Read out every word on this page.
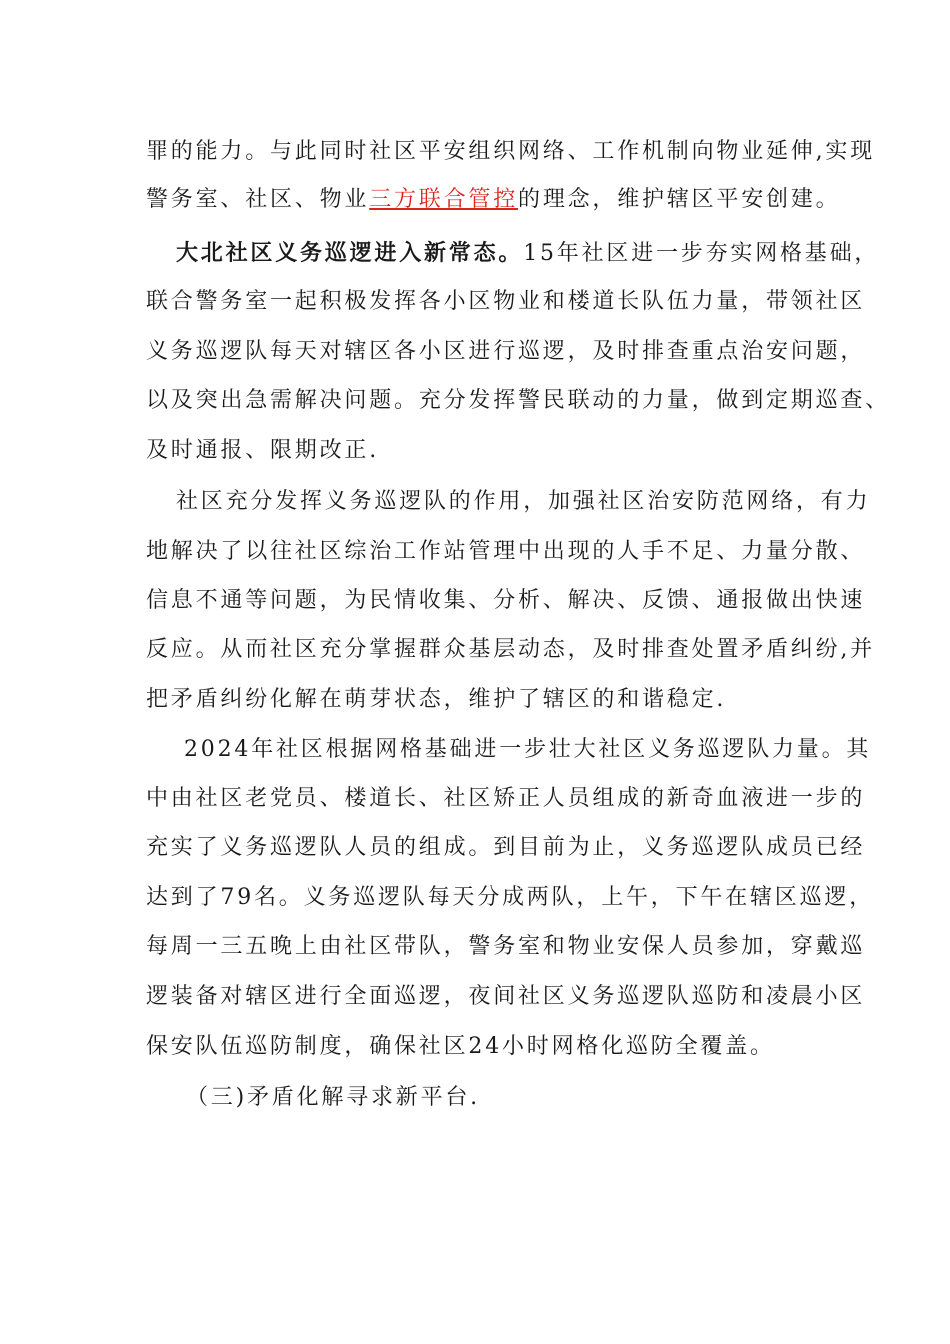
罪的能力。与此同时社区平安组织网络、工作机制向物业延伸,实现
警务室、社区、物业三方联合管控的理念，维护辖区平安创建。
大北社区义务巡逻进入新常态。15年社区进一步夯实网格基础，
联合警务室一起积极发挥各小区物业和楼道长队伍力量，带领社区
义务巡逻队每天对辖区各小区进行巡逻，及时排查重点治安问题，
以及突出急需解决问题。充分发挥警民联动的力量，做到定期巡查、
及时通报、限期改正.
社区充分发挥义务巡逻队的作用，加强社区治安防范网络，有力
地解决了以往社区综治工作站管理中出现的人手不足、力量分散、
信息不通等问题，为民情收集、分析、解决、反馈、通报做出快速
反应。从而社区充分掌握群众基层动态，及时排查处置矛盾纠纷,并
把矛盾纠纷化解在萌芽状态，维护了辖区的和谐稳定.
2024年社区根据网格基础进一步壮大社区义务巡逻队力量。其
中由社区老党员、楼道长、社区矫正人员组成的新奇血液进一步的
充实了义务巡逻队人员的组成。到目前为止，义务巡逻队成员已经
达到了79名。义务巡逻队每天分成两队，上午，下午在辖区巡逻，
每周一三五晚上由社区带队，警务室和物业安保人员参加，穿戴巡
逻装备对辖区进行全面巡逻，夜间社区义务巡逻队巡防和凌晨小区
保安队伍巡防制度，确保社区24小时网格化巡防全覆盖。
（三)矛盾化解寻求新平台.
